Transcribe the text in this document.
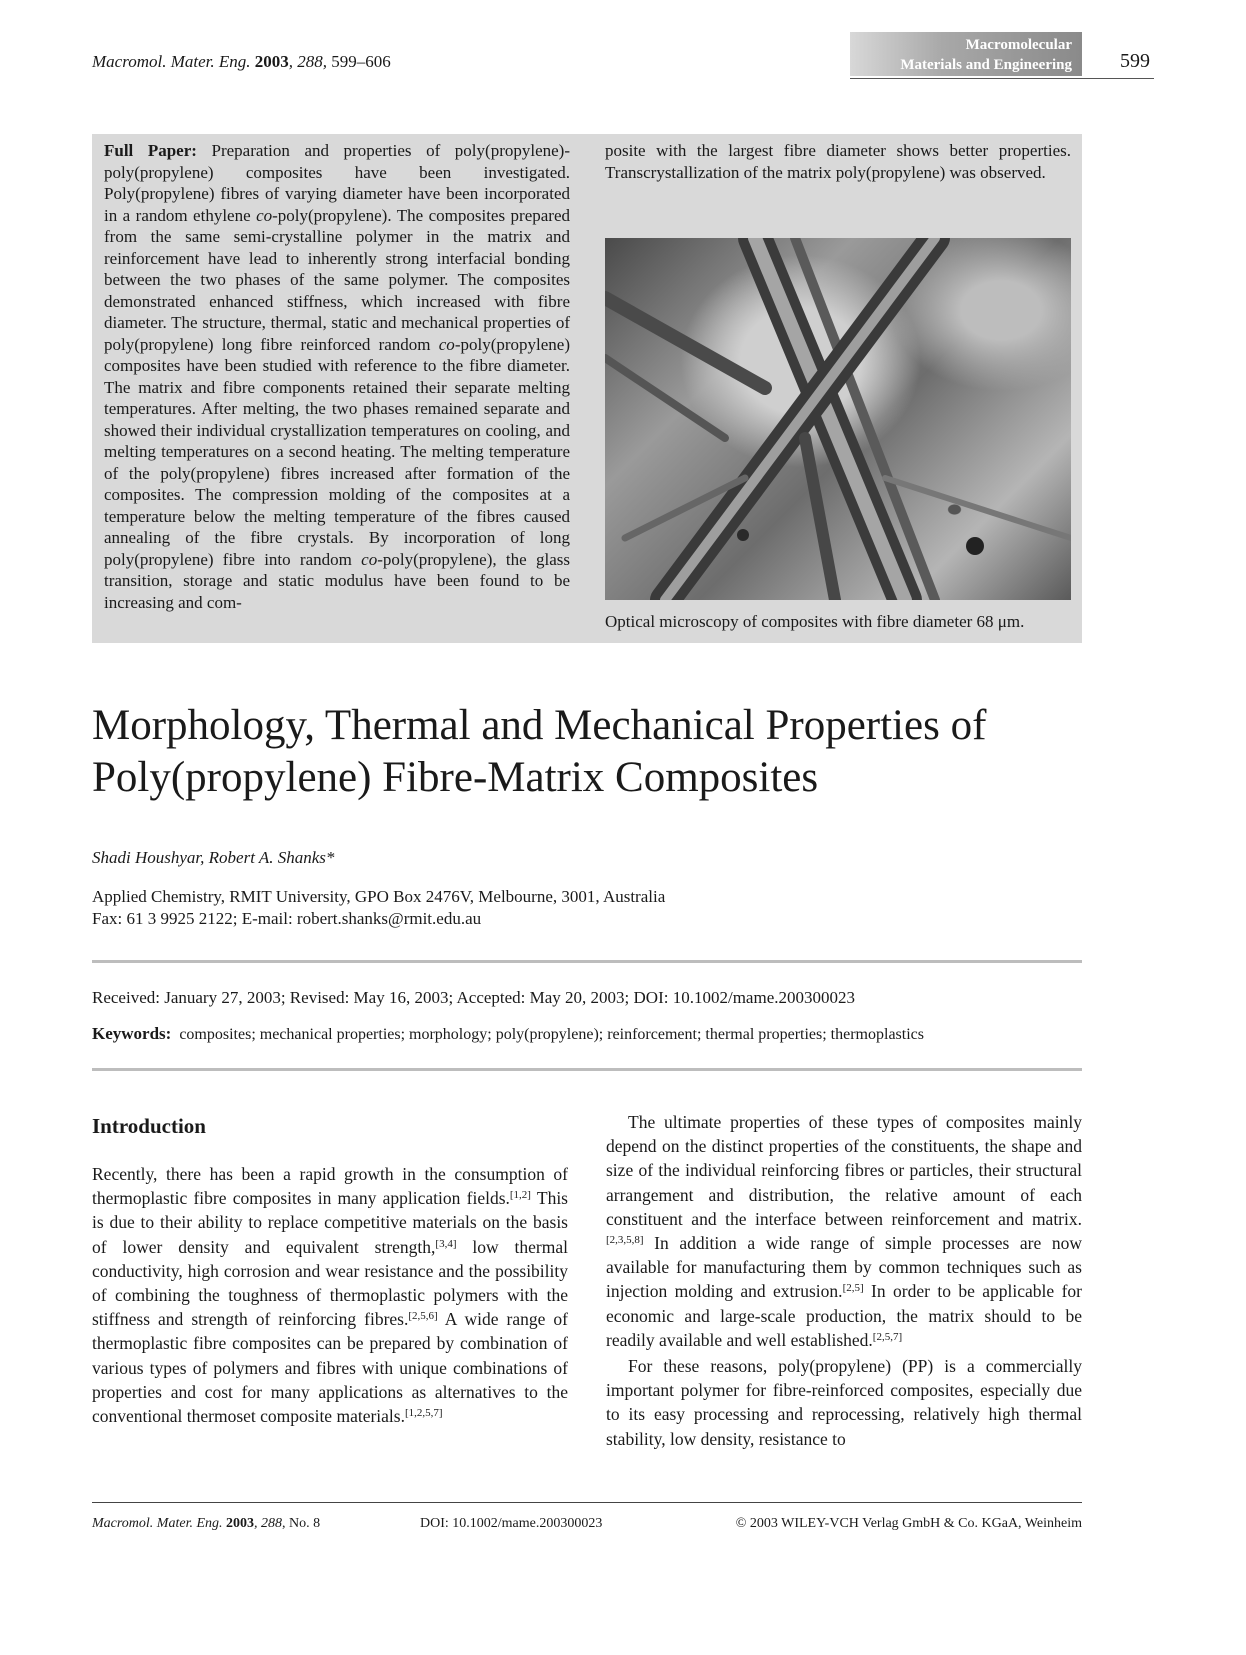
Macromol. Mater. Eng. 2003, 288, 599–606
Macromolecular
Materials and Engineering 599
Full Paper: Preparation and properties of poly(propylene)-poly(propylene) composites have been investigated. Poly(propylene) fibres of varying diameter have been incorporated in a random ethylene co-poly(propylene). The composites prepared from the same semi-crystalline polymer in the matrix and reinforcement have lead to inherently strong interfacial bonding between the two phases of the same polymer. The composites demonstrated enhanced stiffness, which increased with fibre diameter. The structure, thermal, static and mechanical properties of poly(propylene) long fibre reinforced random co-poly(propylene) composites have been studied with reference to the fibre diameter. The matrix and fibre components retained their separate melting temperatures. After melting, the two phases remained separate and showed their individual crystallization temperatures on cooling, and melting temperatures on a second heating. The melting temperature of the poly(propylene) fibres increased after formation of the composites. The compression molding of the composites at a temperature below the melting temperature of the fibres caused annealing of the fibre crystals. By incorporation of long poly(propylene) fibre into random co-poly(propylene), the glass transition, storage and static modulus have been found to be increasing and com-
posite with the largest fibre diameter shows better properties. Transcrystallization of the matrix poly(propylene) was observed.
Optical microscopy of composites with fibre diameter 68 μm.
Morphology, Thermal and Mechanical Properties of Poly(propylene) Fibre-Matrix Composites
Shadi Houshyar, Robert A. Shanks*
Applied Chemistry, RMIT University, GPO Box 2476V, Melbourne, 3001, Australia
Fax: 61 3 9925 2122; E-mail: robert.shanks@rmit.edu.au
Received: January 27, 2003; Revised: May 16, 2003; Accepted: May 20, 2003; DOI: 10.1002/mame.200300023
Keywords: composites; mechanical properties; morphology; poly(propylene); reinforcement; thermal properties; thermoplastics
Introduction

Recently, there has been a rapid growth in the consumption of thermoplastic fibre composites in many application fields.[1,2] This is due to their ability to replace competitive materials on the basis of lower density and equivalent strength,[3,4] low thermal conductivity, high corrosion and wear resistance and the possibility of combining the toughness of thermoplastic polymers with the stiffness and strength of reinforcing fibres.[2,5,6] A wide range of thermoplastic fibre composites can be prepared by combination of various types of polymers and fibres with unique combinations of properties and cost for many applications as alternatives to the conventional thermoset composite materials.[1,2,5,7]

The ultimate properties of these types of composites mainly depend on the distinct properties of the constituents, the shape and size of the individual reinforcing fibres or particles, their structural arrangement and distribution, the relative amount of each constituent and the interface between reinforcement and matrix.[2,3,5,8] In addition a wide range of simple processes are now available for manufacturing them by common techniques such as injection molding and extrusion.[2,5] In order to be applicable for economic and large-scale production, the matrix should to be readily available and well established.[2,5,7]

For these reasons, poly(propylene) (PP) is a commercially important polymer for fibre-reinforced composites, especially due to its easy processing and reprocessing, relatively high thermal stability, low density, resistance to

Macromol. Mater. Eng. 2003, 288, No. 8	DOI: 10.1002/mame.200300023	© 2003 WILEY-VCH Verlag GmbH & Co. KGaA, Weinheim
